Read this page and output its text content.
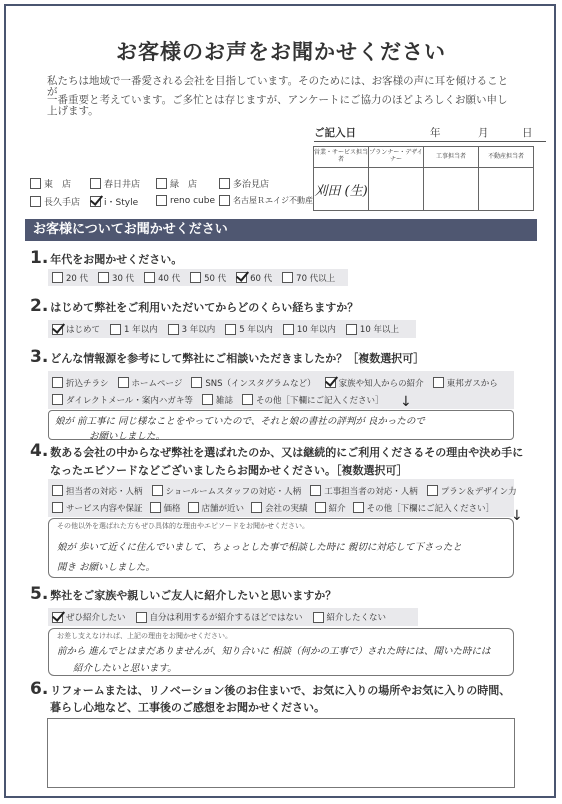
お客様のお声をお聞かせください
私たちは地域で一番愛される会社を目指しています。そのためには、お客様の声に耳を傾けることが
一番重要と考えています。ご多忙とは存じますが、アンケートにご協力のほどよろしくお願い申し上げます。
ご記入日	年	月	日
営業・サービス担当者	プランナー・デザイナー	工事担当者	不動産担当者
刈田 (生)			
東　店	春日井店	緑　店	多治見店
長久手店	i・Style	reno cube 名古屋Ｒエイジ不動産
お客様についてお聞かせください
1. 年代をお聞かせください。
20 代	30 代	40 代	50 代	60 代	70 代以上
2. はじめて弊社をご利用いただいてからどのくらい経ちますか？
はじめて	1 年以内	3 年以内	5 年以内	10 年以内	10 年以上
3. どんな情報源を参考にして弊社にご相談いただきましたか？［複数選択可］
折込チラシ	ホームページ	SNS（インスタグラムなど）	家族や知人からの紹介	東邦ガスから
ダイレクトメール・案内ハガキ等	雑誌	その他［下欄にご記入ください］ ↓
娘が 前工事に 同じ様なことをやっていたので、それと娘の書社の評判が 良かったので
お願いしました。
4. 数ある会社の中からなぜ弊社を選ばれたのか、又は継続的にご利用くださるその理由や決め手に
なったエピソードなどございましたらお聞かせください。［複数選択可］
担当者の対応・人柄	ショールームスタッフの対応・人柄	工事担当者の対応・人柄	プラン＆デザイン力
サービス内容や保証 価格 店舗が近い 会社の実績 紹介 その他［下欄にご記入ください］ ↓
その他以外を選ばれた方もぜひ具体的な理由やエピソードをお聞かせください。
娘が 歩いて近くに住んでいまして、ちょっとした事で相談した時に 親切に対応して下さったと
聞き お願いしました。
5. 弊社をご家族や親しいご友人に紹介したいと思いますか？
ぜひ紹介したい	自分は利用するが紹介するほどではない	紹介したくない
お差し支えなければ、上記の理由をお聞かせください。
前から 進んでとはまだありませんが、知り合いに 相談（何かの工事で）された時には、聞いた時には
紹介したいと思います。
6. リフォームまたは、リノベーション後のお住まいで、お気に入りの場所やお気に入りの時間、
暮らし心地など、工事後のご感想をお聞かせください。
